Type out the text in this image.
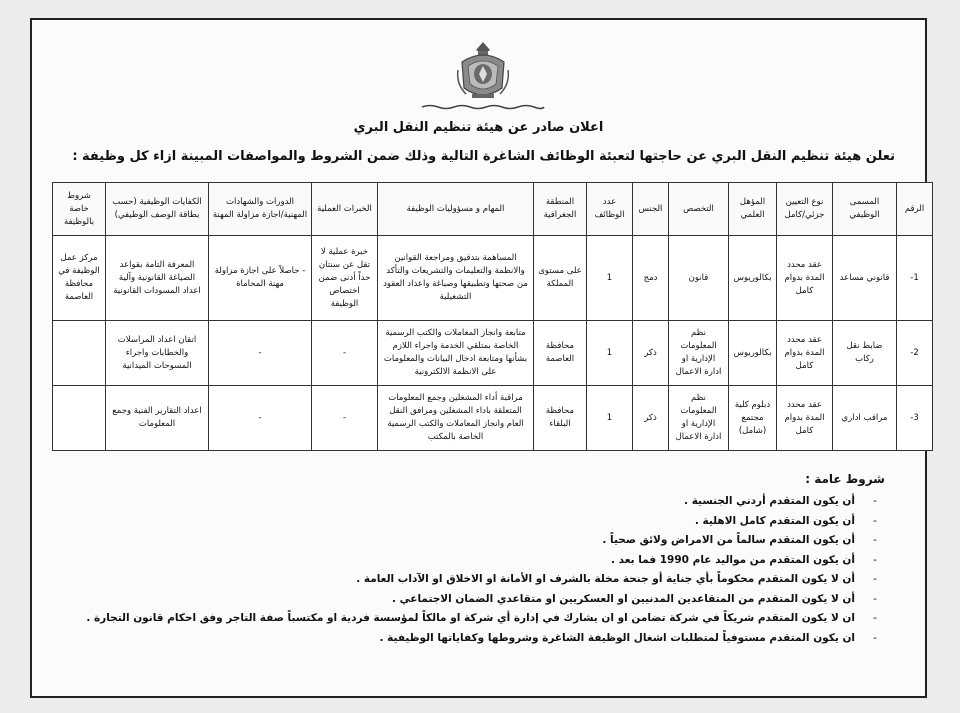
اعلان صادر عن هيئة تنظيم النقل البري
تعلن هيئة تنظيم النقل البري عن حاجتها لتعبئة الوظائف الشاغرة التالية وذلك ضمن الشروط والمواصفات المبينة ازاء كل وظيفة :
الرقم	المسمى الوظيفي	نوع التعيين جزئي/كامل	المؤهل العلمي	التخصص	الجنس	عدد الوظائف	المنطقة الجغرافية	المهام و مسؤوليات الوظيفة	الخبرات العملية	الدورات والشهادات المهنية/اجازة مزاولة المهنة	الكفايات الوظيفية (حسب بطاقة الوصف الوظيفي)	شروط خاصة بالوظيفة
1-	قانوني مساعد	عقد محدد المدة بدوام كامل	بكالوريوس	قانون	دمج	1	على مستوى المملكة	المساهمة بتدقيق ومراجعة القوانين والانظمة والتعليمات والتشريعات والتأكد من صحتها وتطبيقها وصياغة واعداد العقود التشغيلية	خبرة عملية لا تقل عن سنتان حداً أدنى ضمن اختصاص الوظيفة	- حاصلاً على اجازة مزاولة مهنة المحاماة	المعرفة التامة بقواعد الصياغة القانونية وآلية اعداد المسودات القانونية	مركز عمل الوظيفة في محافظة العاصمة
2-	ضابط نقل ركاب	عقد محدد المدة بدوام كامل	بكالوريوس	نظم المعلومات الإدارية او ادارة الاعمال	ذكر	1	محافظة العاصمة	متابعة وانجاز المعاملات والكتب الرسمية الخاصة بمتلقي الخدمة واجراء اللازم بشأنها ومتابعة ادخال البيانات والمعلومات على الانظمة الالكترونية	-	-	اتقان اعداد المراسلات والخطابات واجراء المسوحات الميدانية	
3-	مراقب اداري	عقد محدد المدة بدوام كامل	دبلوم كلية مجتمع (شامل)	نظم المعلومات الإدارية او ادارة الاعمال	ذكر	1	محافظة البلقاء	مراقبة أداء المشغلين وجمع المعلومات المتعلقة باداء المشغلين ومرافق النقل العام وانجاز المعاملات والكتب الرسمية الخاصة بالمكتب	-	-	اعداد التقارير الفنية وجمع المعلومات	
شروط عامة :
-أن يكون المتقدم أردني الجنسية .
-أن يكون المتقدم كامل الاهلية .
-أن يكون المتقدم سالماً من الامراض ولائق صحياً .
-أن يكون المتقدم من مواليد عام 1990 فما بعد .
-أن لا يكون المتقدم محكوماً بأي جناية أو جنحة مخلة بالشرف او الأمانة او الاخلاق او الآداب العامة .
-أن لا يكون المتقدم من المتقاعدين المدنيين او العسكريين او متقاعدي الضمان الاجتماعي .
-ان لا يكون المتقدم شريكاً في شركة تضامن او ان يشارك في إدارة أي شركة او مالكاً لمؤسسة فردية او مكتسباً صفة التاجر وفق احكام قانون التجارة .
-ان يكون المتقدم مستوفياً لمتطلبات اشغال الوظيفة الشاغرة وشروطها وكفاياتها الوظيفية .
